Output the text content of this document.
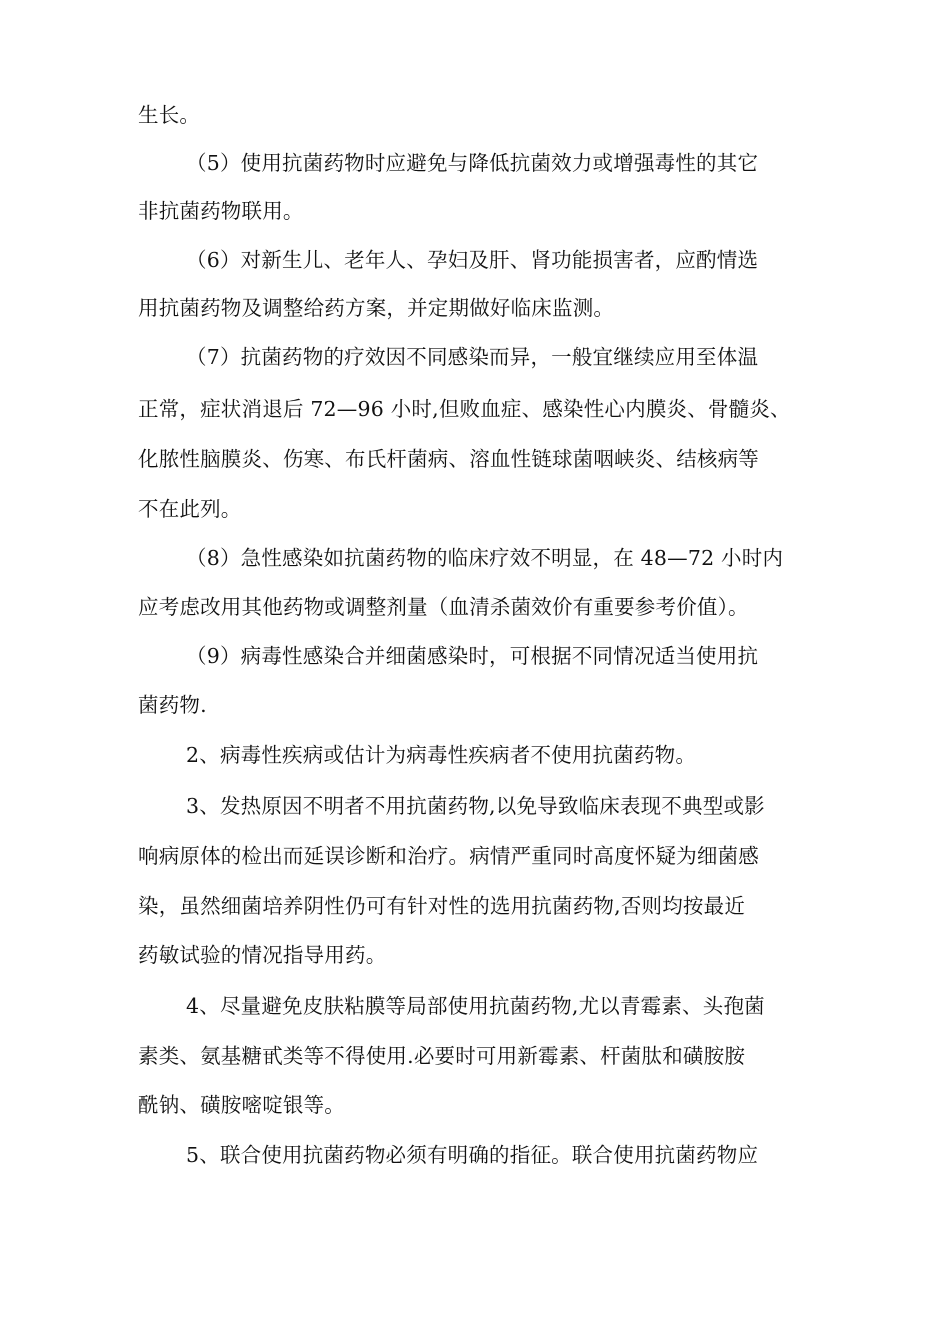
生长。
（5）使用抗菌药物时应避免与降低抗菌效力或增强毒性的其它
非抗菌药物联用。
（6）对新生儿、老年人、孕妇及肝、肾功能损害者，应酌情选
用抗菌药物及调整给药方案，并定期做好临床监测。
（7）抗菌药物的疗效因不同感染而异，一般宜继续应用至体温
正常，症状消退后 72—96 小时,但败血症、感染性心内膜炎、骨髓炎、
化脓性脑膜炎、伤寒、布氏杆菌病、溶血性链球菌咽峡炎、结核病等
不在此列。
（8）急性感染如抗菌药物的临床疗效不明显，在 48—72 小时内
应考虑改用其他药物或调整剂量（血清杀菌效价有重要参考价值）。
（9）病毒性感染合并细菌感染时，可根据不同情况适当使用抗
菌药物.
2、病毒性疾病或估计为病毒性疾病者不使用抗菌药物。
3、发热原因不明者不用抗菌药物,以免导致临床表现不典型或影
响病原体的检出而延误诊断和治疗。病情严重同时高度怀疑为细菌感
染，虽然细菌培养阴性仍可有针对性的选用抗菌药物,否则均按最近
药敏试验的情况指导用药。
4、尽量避免皮肤粘膜等局部使用抗菌药物,尤以青霉素、头孢菌
素类、氨基糖甙类等不得使用.必要时可用新霉素、杆菌肽和磺胺胺
酰钠、磺胺嘧啶银等。
5、联合使用抗菌药物必须有明确的指征。联合使用抗菌药物应
